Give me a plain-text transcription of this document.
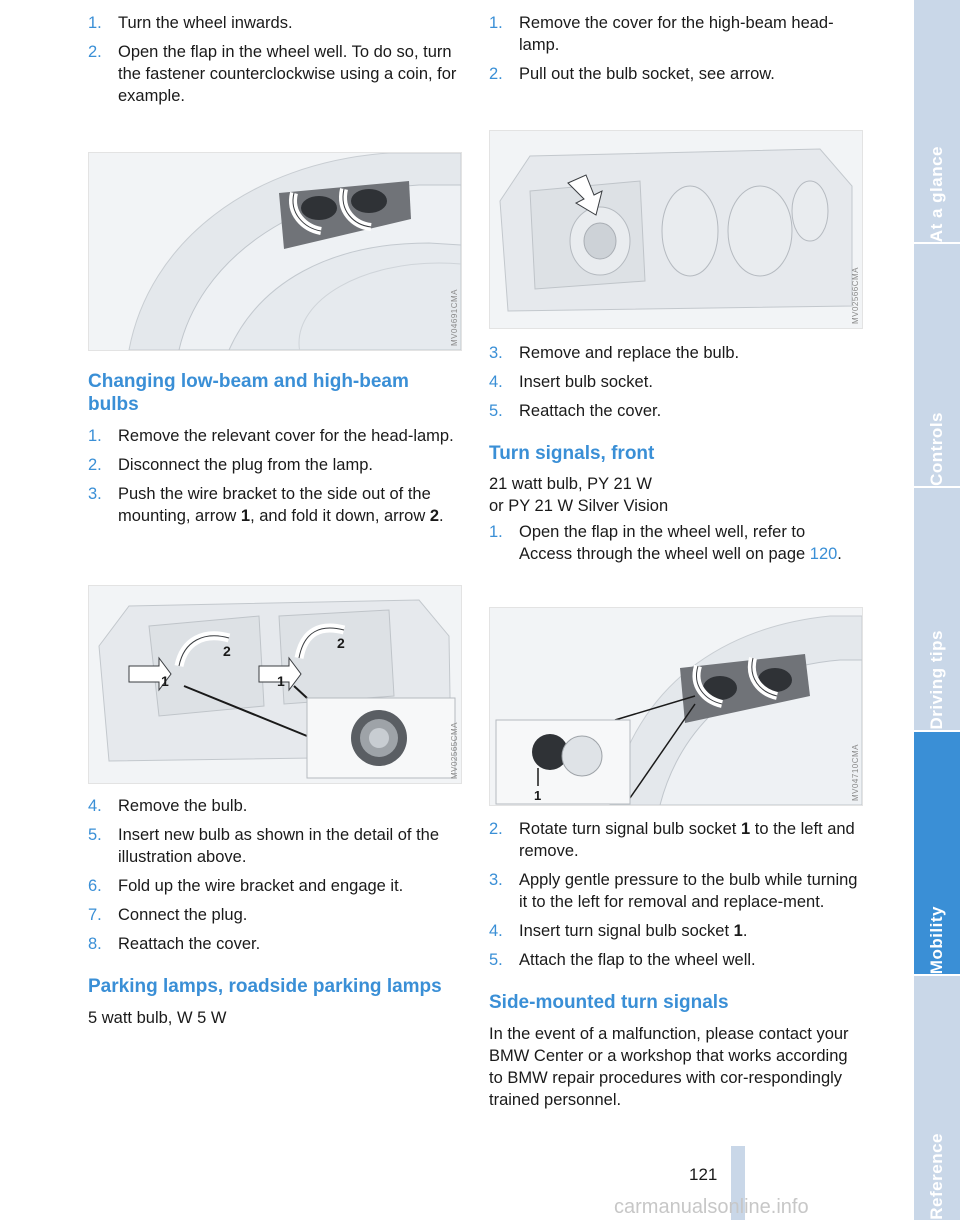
1. Turn the wheel inwards.
2. Open the flap in the wheel well. To do so, turn the fastener counterclockwise using a coin, for example.
MV04691CMA
Changing low-beam and high-beam bulbs
1. Remove the relevant cover for the head-lamp.
2. Disconnect the plug from the lamp.
3. Push the wire bracket to the side out of the mounting, arrow 1, and fold it down, arrow 2.
1	1
2	2
MV02565CMA
4. Remove the bulb.
5. Insert new bulb as shown in the detail of the illustration above.
6. Fold up the wire bracket and engage it.
7. Connect the plug.
8. Reattach the cover.
Parking lamps, roadside parking lamps

5 watt bulb, W 5 W

1. Remove the cover for the high-beam head-lamp.
2. Pull out the bulb socket, see arrow.
MV02566CMA
3. Remove and replace the bulb.
4. Insert bulb socket.
5. Reattach the cover.
Turn signals, front

21 watt bulb, PY 21 W

or PY 21 W Silver Vision

1. Open the flap in the wheel well, refer to Access through the wheel well on page 120.
1	MV04710CMA
2. Rotate turn signal bulb socket 1 to the left and remove.
3. Apply gentle pressure to the bulb while turning it to the left for removal and replace-ment.
4. Insert turn signal bulb socket 1.
5. Attach the flap to the wheel well.
Side-mounted turn signals

In the event of a malfunction, please contact your BMW Center or a workshop that works according to BMW repair procedures with cor-respondingly trained personnel.

At a glance
Controls
Driving tips
Mobility
Reference
121
carmanualsonline.info
